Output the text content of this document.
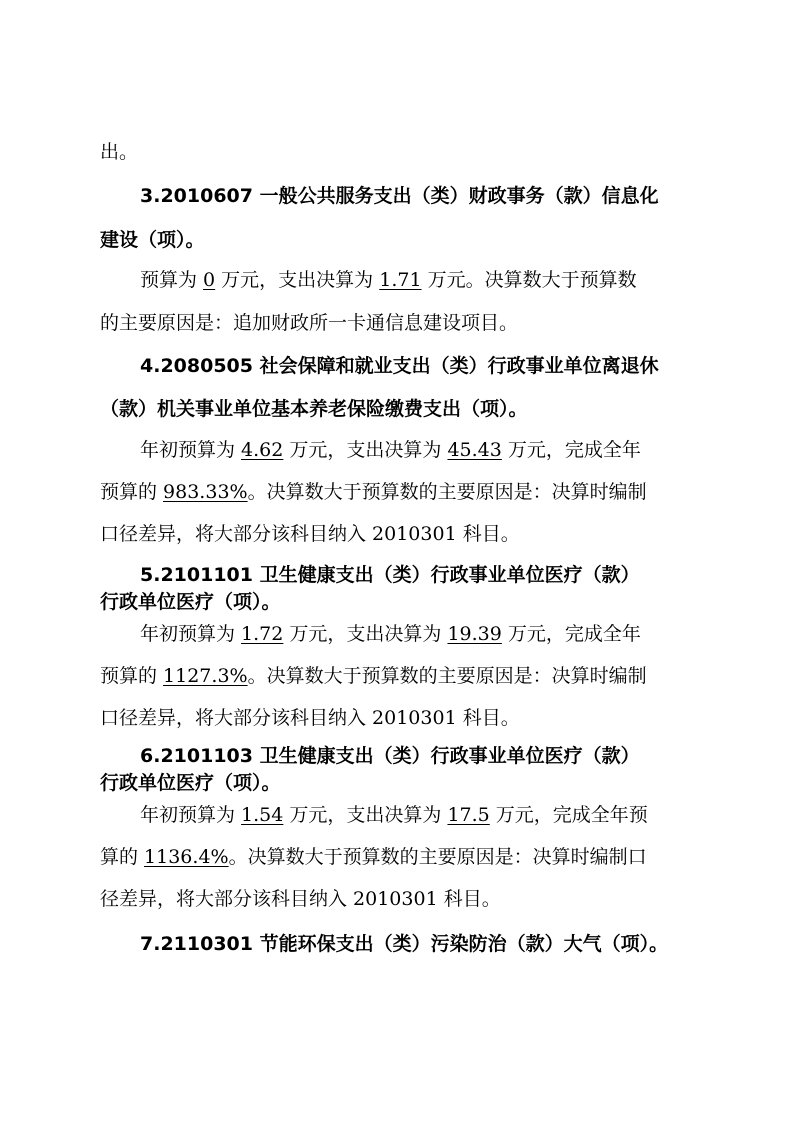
出。
3.2010607 一般公共服务支出（类）财政事务（款）信息化
建设（项）。
预算为 0 万元，支出决算为 1.71 万元。决算数大于预算数
的主要原因是：追加财政所一卡通信息建设项目。
4.2080505 社会保障和就业支出（类）行政事业单位离退休
（款）机关事业单位基本养老保险缴费支出（项）。
年初预算为 4.62 万元，支出决算为 45.43 万元，完成全年
预算的 983.33%。决算数大于预算数的主要原因是：决算时编制
口径差异，将大部分该科目纳入 2010301 科目。
5.2101101 卫生健康支出（类）行政事业单位医疗（款）
行政单位医疗（项）。
年初预算为 1.72 万元，支出决算为 19.39 万元，完成全年
预算的 1127.3%。决算数大于预算数的主要原因是：决算时编制
口径差异，将大部分该科目纳入 2010301 科目。
6.2101103 卫生健康支出（类）行政事业单位医疗（款）
行政单位医疗（项）。
年初预算为 1.54 万元，支出决算为 17.5 万元，完成全年预
算的 1136.4%。决算数大于预算数的主要原因是：决算时编制口
径差异，将大部分该科目纳入 2010301 科目。
7.2110301 节能环保支出（类）污染防治（款）大气（项）。
